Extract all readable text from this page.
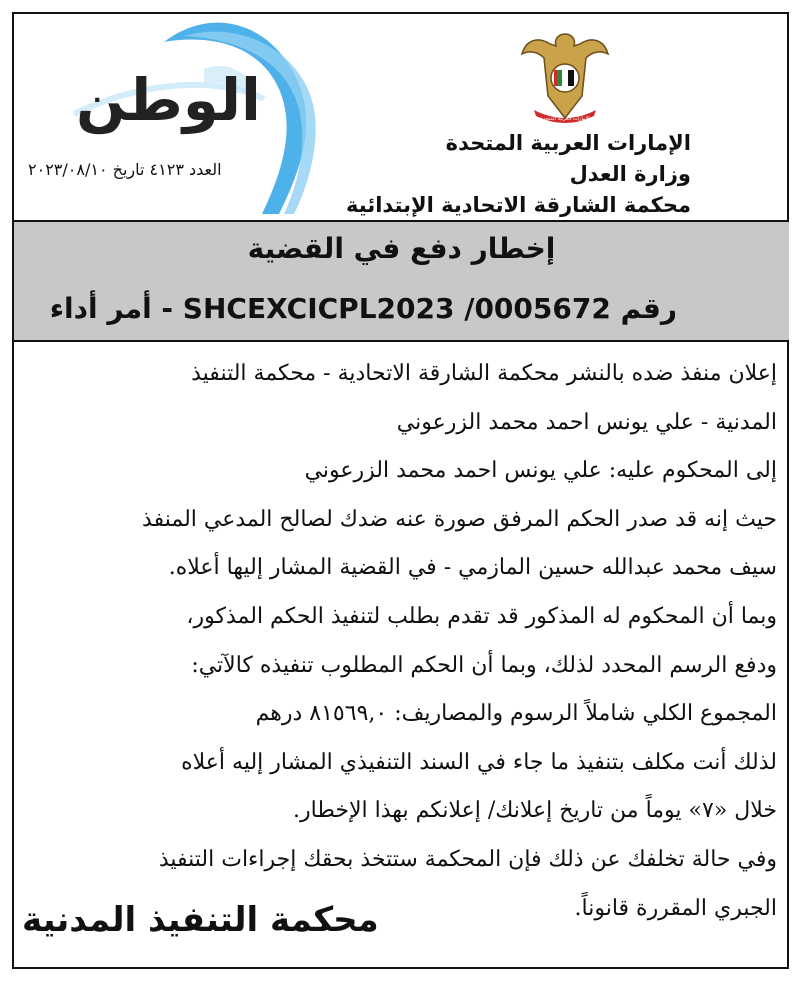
الوطن
العدد ٤١٢٣ تاريخ ٢٠٢٣/٠٨/١٠
الإمارات العربية المتحدة
الإمارات العربية المتحدة
وزارة العدل
محكمة الشارقة الاتحادية الإبتدائية
إخطار دفع في القضية
رقم SHCEXCICPL2023 /0005672 - أمر أداء

إعلان منفذ ضده بالنشر محكمة الشارقة الاتحادية - محكمة التنفيذ

المدنية - علي يونس احمد محمد الزرعوني

إلى المحكوم عليه: علي يونس احمد محمد الزرعوني

حيث إنه قد صدر الحكم المرفق صورة عنه ضدك لصالح المدعي المنفذ

سيف محمد عبدالله حسين المازمي - في القضية المشار إليها أعلاه.

وبما أن المحكوم له المذكور قد تقدم بطلب لتنفيذ الحكم المذكور،

ودفع الرسم المحدد لذلك، وبما أن الحكم المطلوب تنفيذه كالآتي:

المجموع الكلي شاملاً الرسوم والمصاريف: ٨١٥٦٩,٠ درهم

لذلك أنت مكلف بتنفيذ ما جاء في السند التنفيذي المشار إليه أعلاه

خلال «٧» يوماً من تاريخ إعلانك/ إعلانكم بهذا الإخطار.

وفي حالة تخلفك عن ذلك فإن المحكمة ستتخذ بحقك إجراءات التنفيذ

الجبري المقررة قانوناً.

محكمة التنفيذ المدنية
